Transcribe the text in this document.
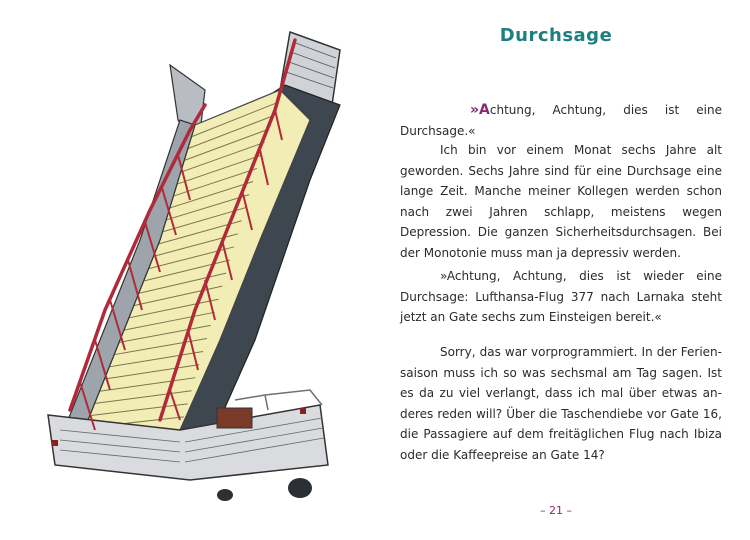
Durchsage
»Achtung, Achtung, dies ist eine Durchsage.«
Ich bin vor einem Monat sechs Jahre alt geworden. Sechs Jahre sind für eine Durchsage eine lange Zeit. Manche meiner Kollegen werden schon nach zwei Jahren schlapp, meistens wegen Depression. Die ganzen Sicherheitsdurchsagen. Bei der Monotonie muss man ja depressiv werden.
»Achtung, Achtung, dies ist wieder eine Durchsage: Lufthansa-Flug 377 nach Larnaka steht jetzt an Gate sechs zum Einsteigen bereit.«
Sorry, das war vorprogrammiert. In der Feriensaison muss ich so was sechsmal am Tag sagen. Ist es da zu viel verlangt, dass ich mal über etwas anderes reden will? Über die Taschendiebe vor Gate 16, die Passagiere auf dem freitäglichen Flug nach Ibiza oder die Kaffeepreise an Gate 14?
– 21 –
